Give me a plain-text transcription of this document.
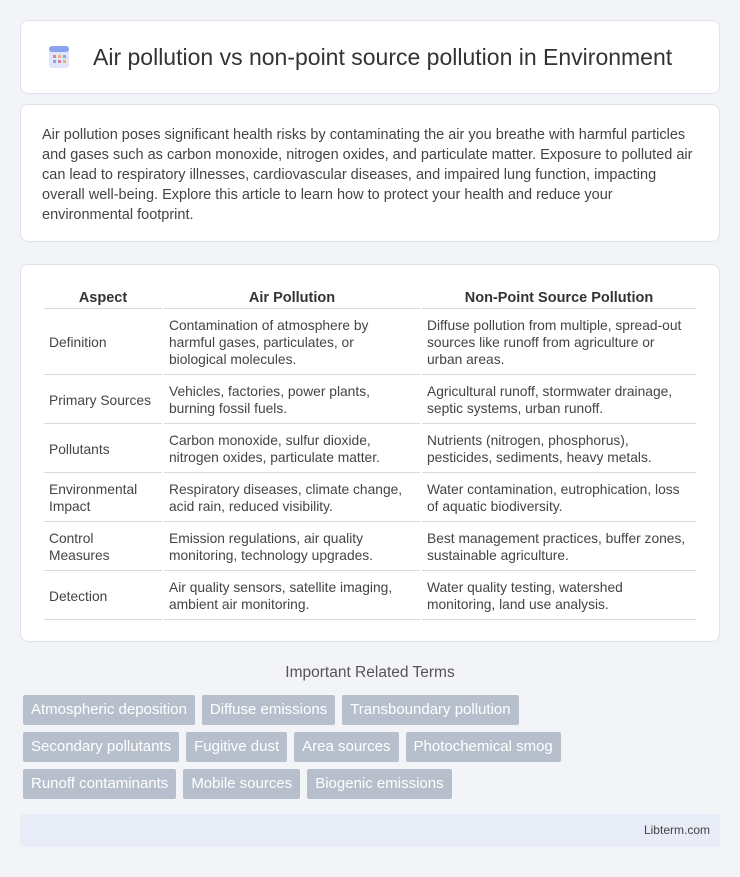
Air pollution vs non-point source pollution in Environment

Air pollution poses significant health risks by contaminating the air you breathe with harmful particles and gases such as carbon monoxide, nitrogen oxides, and particulate matter. Exposure to polluted air can lead to respiratory illnesses, cardiovascular diseases, and impaired lung function, impacting overall well-being. Explore this article to learn how to protect your health and reduce your environmental footprint.

Aspect	Air Pollution	Non-Point Source Pollution
Definition	Contamination of atmosphere by harmful gases, particulates, or biological molecules.	Diffuse pollution from multiple, spread-out sources like runoff from agriculture or urban areas.
Primary Sources	Vehicles, factories, power plants, burning fossil fuels.	Agricultural runoff, stormwater drainage, septic systems, urban runoff.
Pollutants	Carbon monoxide, sulfur dioxide, nitrogen oxides, particulate matter.	Nutrients (nitrogen, phosphorus), pesticides, sediments, heavy metals.
Environmental Impact	Respiratory diseases, climate change, acid rain, reduced visibility.	Water contamination, eutrophication, loss of aquatic biodiversity.
Control Measures	Emission regulations, air quality monitoring, technology upgrades.	Best management practices, buffer zones, sustainable agriculture.
Detection	Air quality sensors, satellite imaging, ambient air monitoring.	Water quality testing, watershed monitoring, land use analysis.
Important Related Terms
Atmospheric deposition	Diffuse emissions	Transboundary pollution
Secondary pollutants	Fugitive dust	Area sources	Photochemical smog
Runoff contaminants	Mobile sources	Biogenic emissions
Libterm.com
